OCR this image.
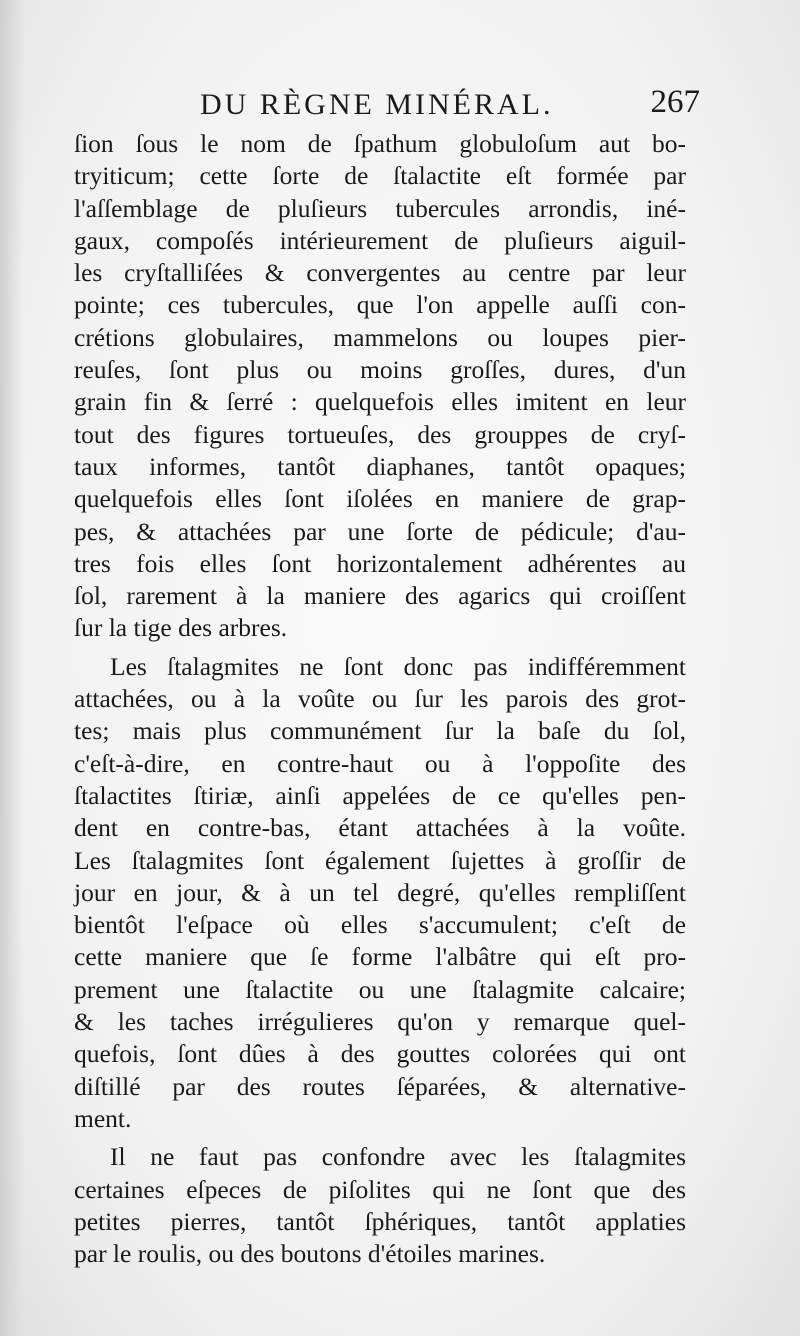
DU RÈGNE MINÉRAL.	267
ſion ſous le nom de ſpathum globuloſum aut bo-
tryiticum; cette ſorte de ſtalactite eſt formée par
l'aſſemblage de pluſieurs tubercules arrondis, iné-
gaux, compoſés intérieurement de pluſieurs aiguil-
les cryſtalliſées & convergentes au centre par leur
pointe; ces tubercules, que l'on appelle auſſi con-
crétions globulaires, mammelons ou loupes pier-
reuſes, ſont plus ou moins groſſes, dures, d'un
grain fin & ſerré : quelquefois elles imitent en leur
tout des figures tortueuſes, des grouppes de cryſ-
taux informes, tantôt diaphanes, tantôt opaques;
quelquefois elles ſont iſolées en maniere de grap-
pes, & attachées par une ſorte de pédicule; d'au-
tres fois elles ſont horizontalement adhérentes au
ſol, rarement à la maniere des agarics qui croiſſent
ſur la tige des arbres.
Les ſtalagmites ne ſont donc pas indifféremment
attachées, ou à la voûte ou ſur les parois des grot-
tes; mais plus communément ſur la baſe du ſol,
c'eſt-à-dire, en contre-haut ou à l'oppoſite des
ſtalactites ſtiriæ, ainſi appelées de ce qu'elles pen-
dent en contre-bas, étant attachées à la voûte.
Les ſtalagmites ſont également ſujettes à groſſir de
jour en jour, & à un tel degré, qu'elles rempliſſent
bientôt l'eſpace où elles s'accumulent; c'eſt de
cette maniere que ſe forme l'albâtre qui eſt pro-
prement une ſtalactite ou une ſtalagmite calcaire;
& les taches irrégulieres qu'on y remarque quel-
quefois, ſont dûes à des gouttes colorées qui ont
diſtillé par des routes ſéparées, & alternative-
ment.
Il ne faut pas confondre avec les ſtalagmites
certaines eſpeces de piſolites qui ne ſont que des
petites pierres, tantôt ſphériques, tantôt applaties
par le roulis, ou des boutons d'étoiles marines.
